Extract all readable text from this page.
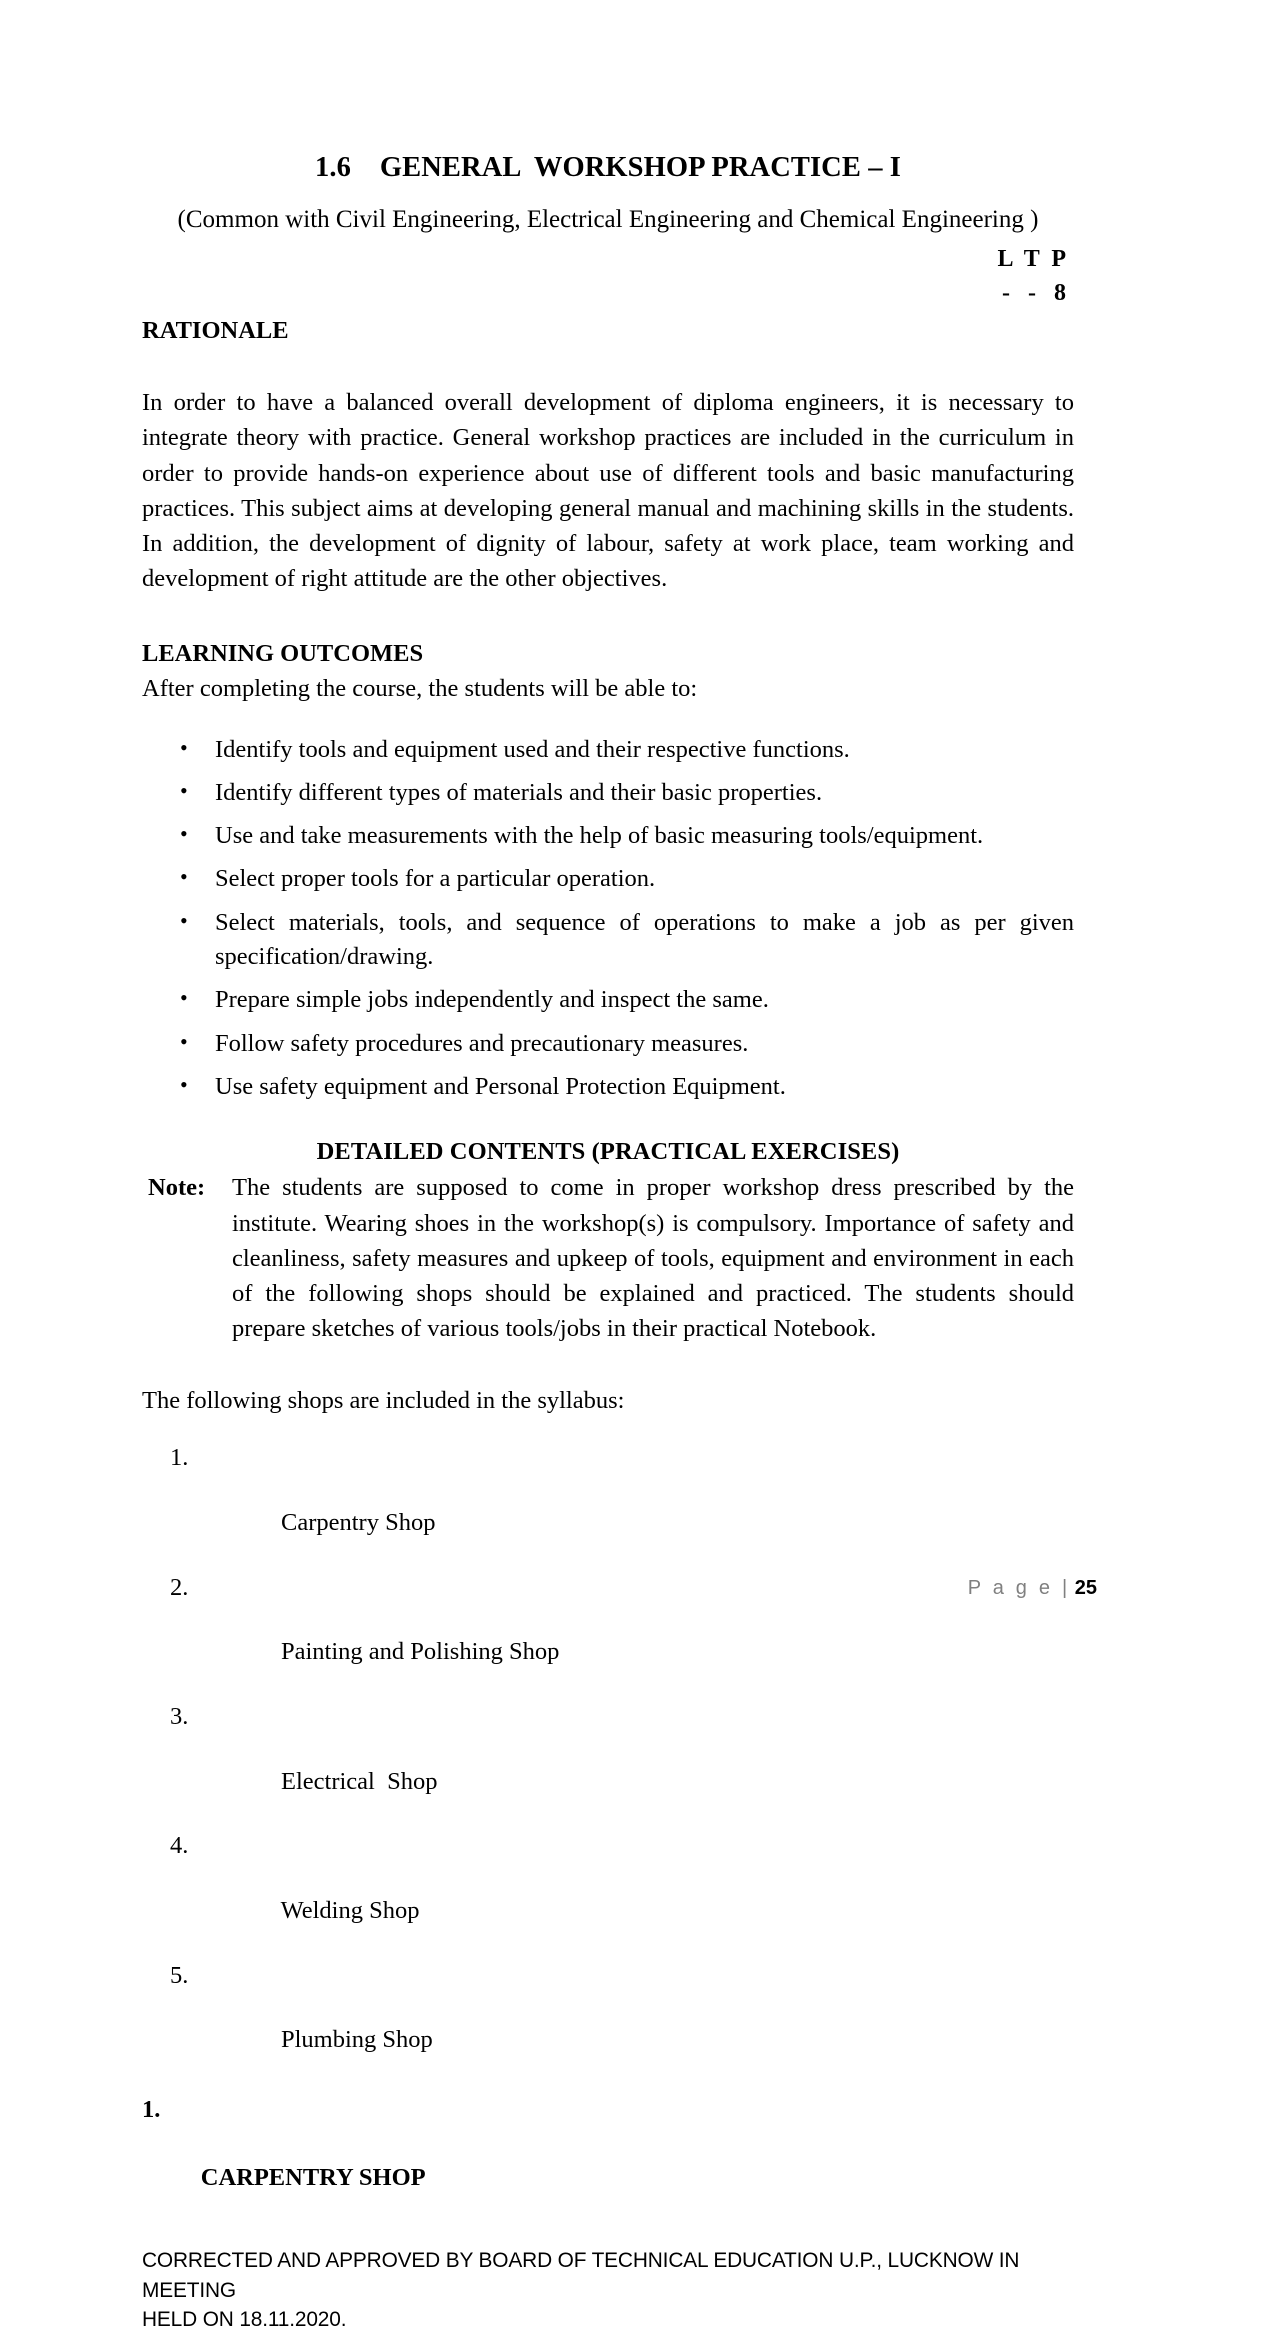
1.6    GENERAL  WORKSHOP PRACTICE – I
(Common with Civil Engineering, Electrical Engineering and Chemical Engineering )
L  T  P
-   -   8
RATIONALE

In order to have a balanced overall development of diploma engineers, it is necessary to integrate theory with practice. General workshop practices are included in the curriculum in order to provide hands-on experience about use of different tools and basic manufacturing practices. This subject aims at developing general manual and machining skills in the students. In addition, the development of dignity of labour, safety at work place, team working and development of right attitude are the other objectives.

LEARNING OUTCOMES

After completing the course, the students will be able to:

• Identify tools and equipment used and their respective functions.
• Identify different types of materials and their basic properties.
• Use and take measurements with the help of basic measuring tools/equipment.
• Select proper tools for a particular operation.
• Select materials, tools, and sequence of operations to make a job as per given specification/drawing.
• Prepare simple jobs independently and inspect the same.
• Follow safety procedures and precautionary measures.
• Use safety equipment and Personal Protection Equipment.
DETAILED CONTENTS (PRACTICAL EXERCISES)
Note: The students are supposed to come in proper workshop dress prescribed by the institute. Wearing shoes in the workshop(s) is compulsory. Importance of safety and cleanliness, safety measures and upkeep of tools, equipment and environment in each of the following shops should be explained and practiced. The students should prepare sketches of various tools/jobs in their practical Notebook.

The following shops are included in the syllabus:

1.

Carpentry Shop

2.

Painting and Polishing Shop

3.

Electrical  Shop

4.

Welding Shop

5.

Plumbing Shop

1.

CARPENTRY SHOP

CORRECTED AND APPROVED BY BOARD OF TECHNICAL EDUCATION U.P., LUCKNOW IN MEETING
HELD ON 18.11.2020.

P a g e | 25
